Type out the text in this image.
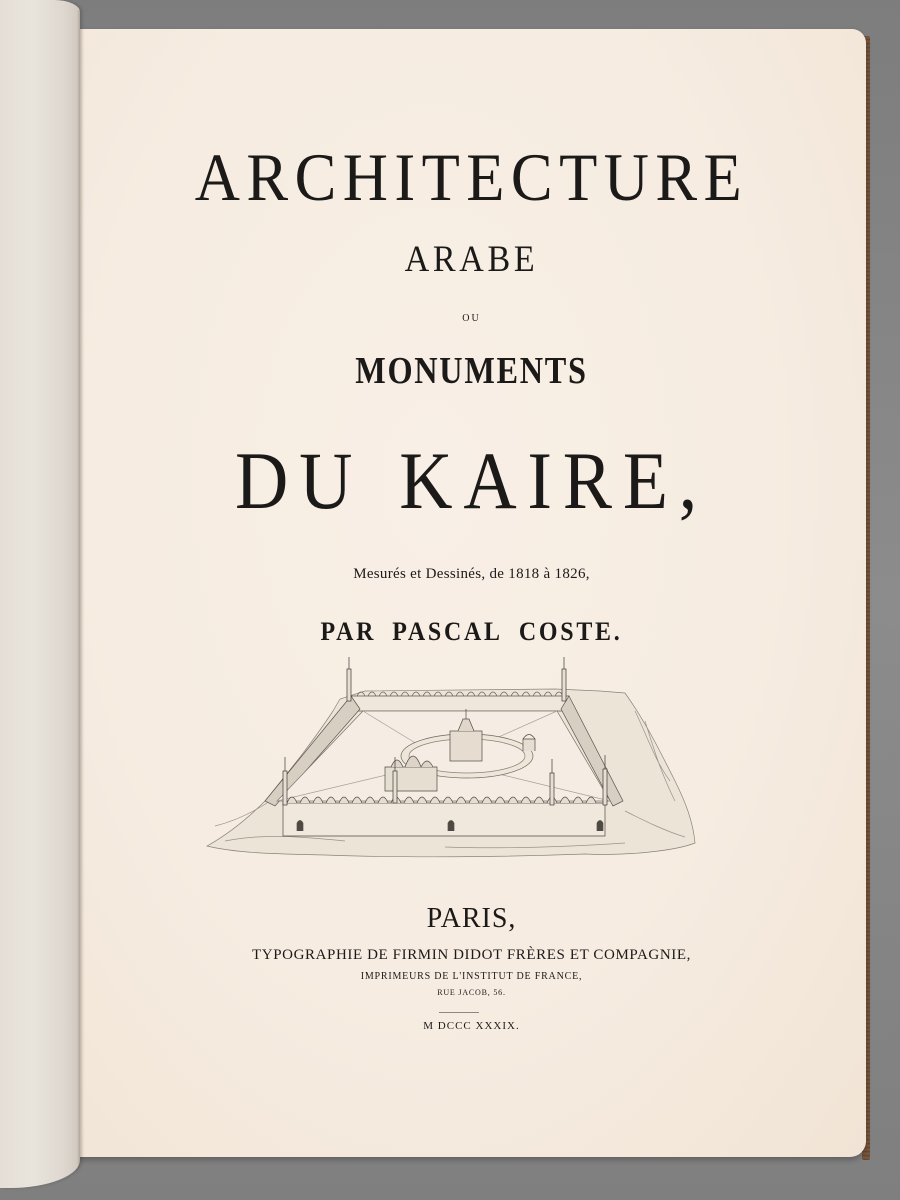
ARCHITECTURE
ARABE
OU
MONUMENTS
DU KAIRE,
Mesurés et Dessinés, de 1818 à 1826,
PAR PASCAL COSTE.
PARIS,
TYPOGRAPHIE DE FIRMIN DIDOT FRÈRES ET COMPAGNIE,
IMPRIMEURS DE L'INSTITUT DE FRANCE,
RUE JACOB, 56.
M DCCC XXXIX.
